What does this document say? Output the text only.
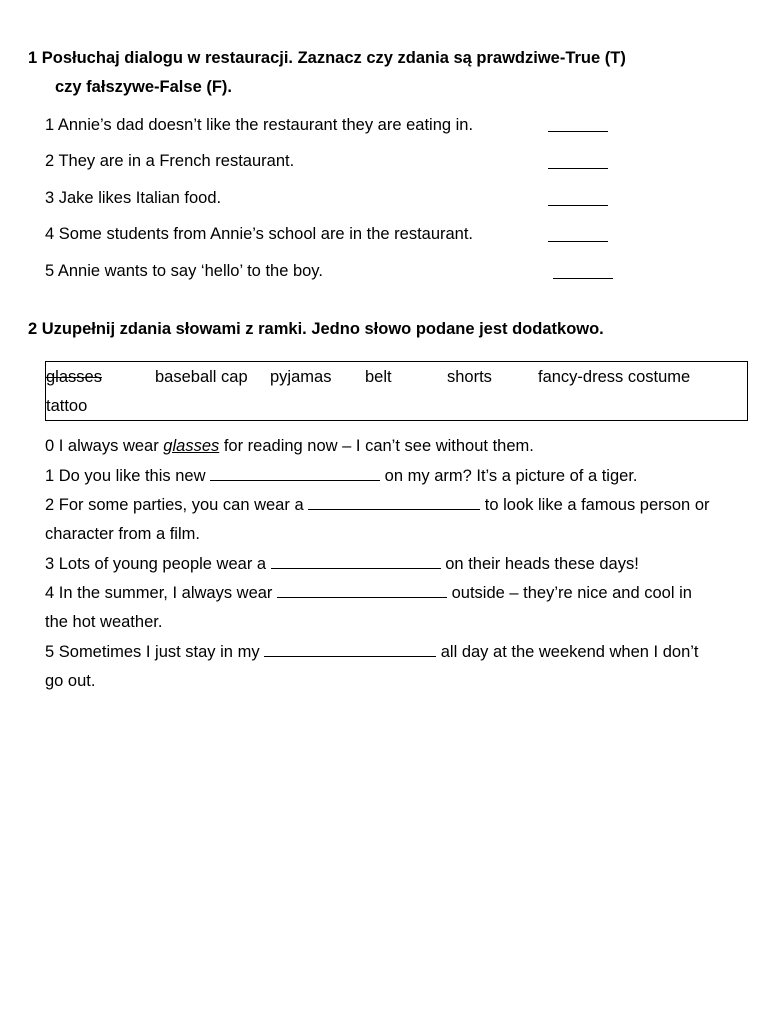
1 Posłuchaj dialogu w restauracji. Zaznacz czy zdania są prawdziwe-True (T)
czy fałszywe-False (F).
1 Annie’s dad doesn’t like the restaurant they are eating in.
2 They are in a French restaurant.
3 Jake likes Italian food.
4 Some students from Annie’s school are in the restaurant.
5 Annie wants to say ‘hello’ to the boy.
2 Uzupełnij zdania słowami z ramki. Jedno słowo podane jest dodatkowo.
glasses	baseball cap pyjamas belt	shorts	fancy-dress costume
tattoo
0 I always wear glasses for reading now – I can’t see without them.
1 Do you like this new	on my arm? It’s a picture of a tiger.
2 For some parties, you can wear a	to look like a famous person or
character from a film.
3 Lots of young people wear a	on their heads these days!
4 In the summer, I always wear	outside – they’re nice and cool in
the hot weather.
5 Sometimes I just stay in my	all day at the weekend when I don’t
go out.
